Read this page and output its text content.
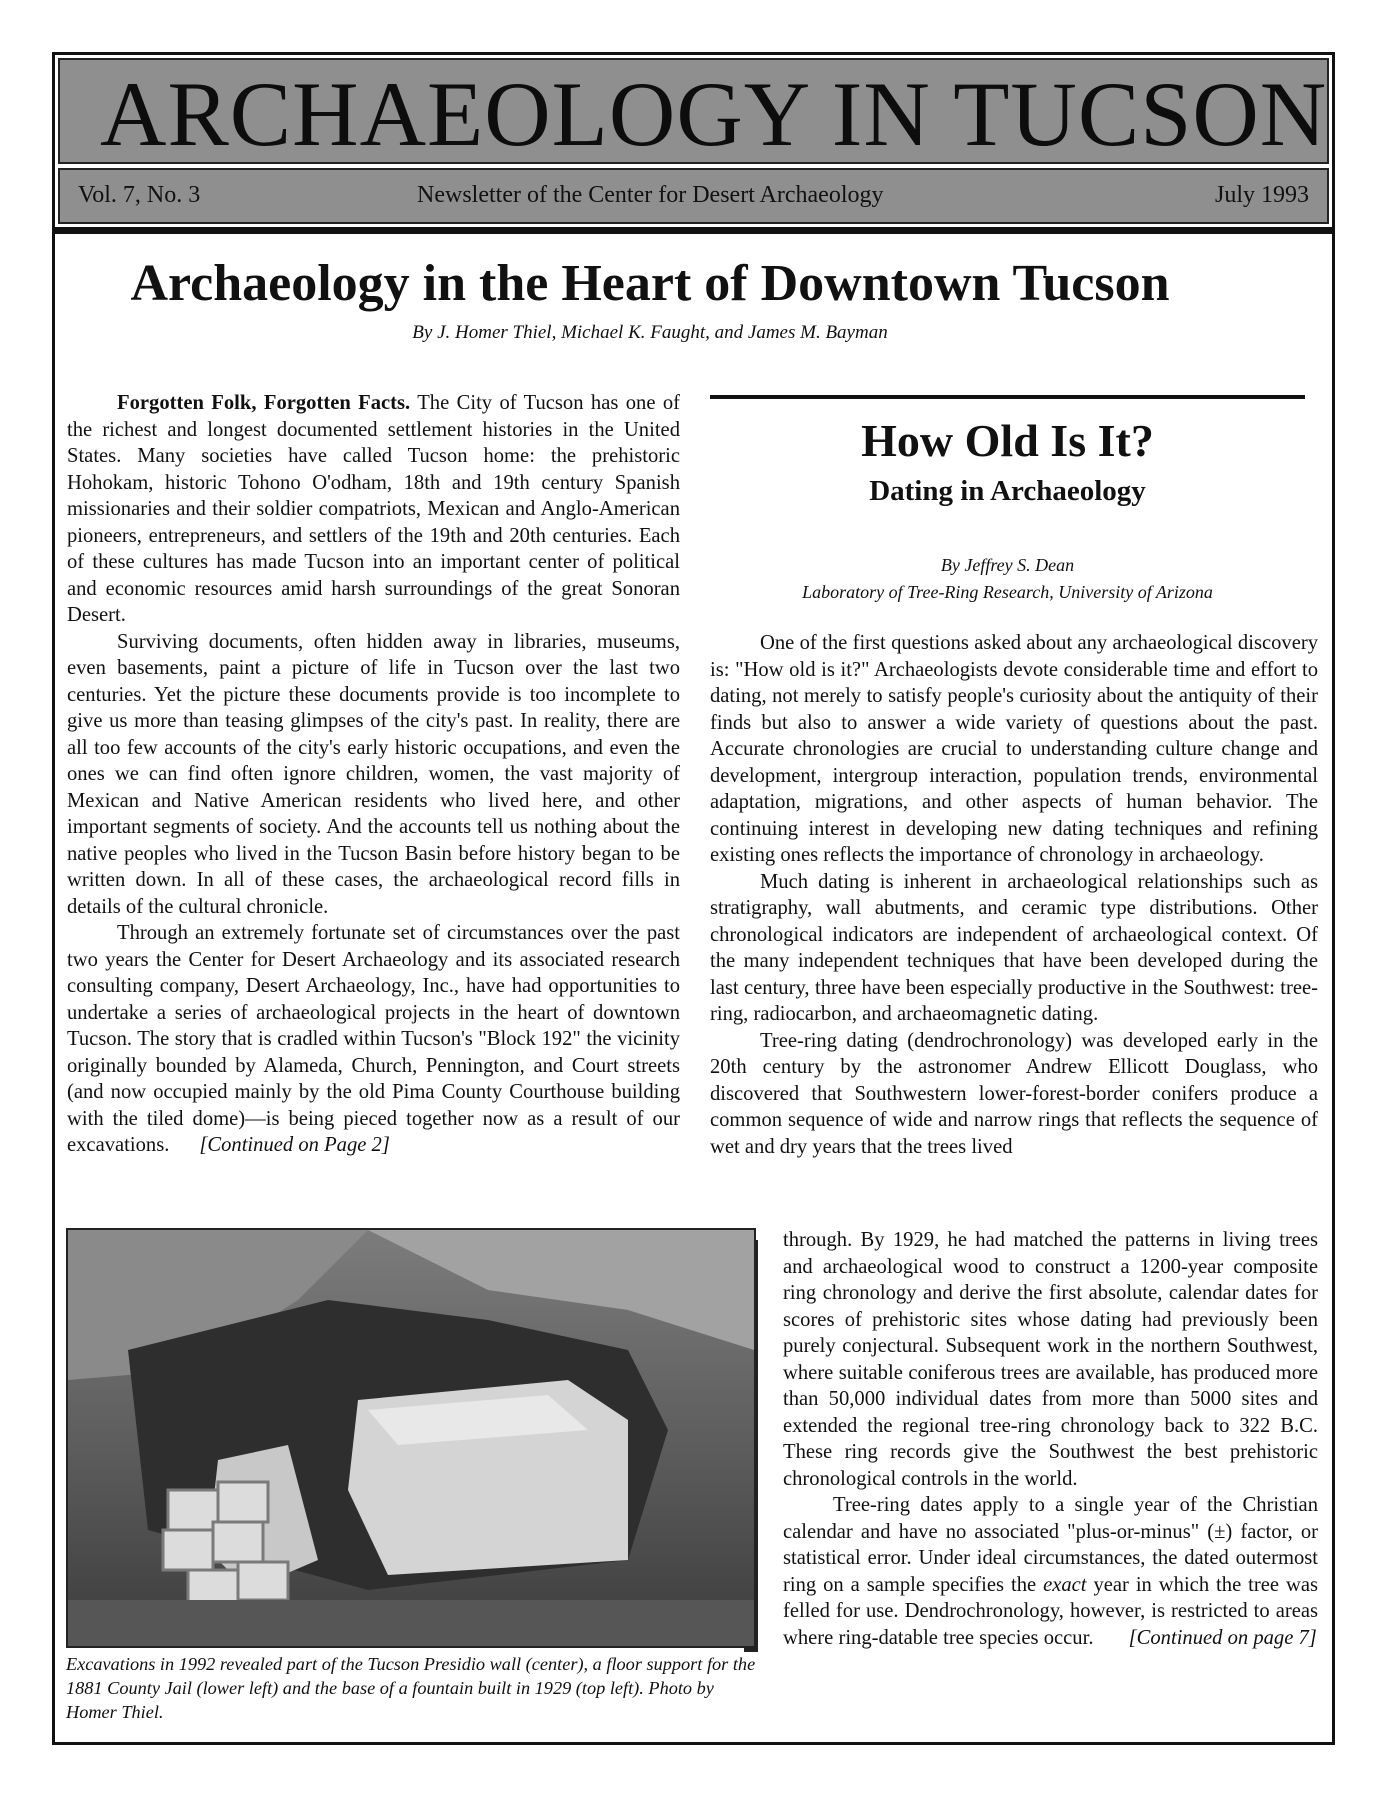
ARCHAEOLOGY IN TUCSON
Vol. 7, No. 3	Newsletter of the Center for Desert Archaeology	July 1993
Archaeology in the Heart of Downtown Tucson
By J. Homer Thiel, Michael K. Faught, and James M. Bayman

Forgotten Folk, Forgotten Facts. The City of Tucson has one of the richest and longest documented settlement histories in the United States. Many societies have called Tucson home: the prehistoric Hohokam, historic Tohono O'odham, 18th and 19th century Spanish missionaries and their soldier compatriots, Mexican and Anglo-American pioneers, entrepreneurs, and settlers of the 19th and 20th centuries. Each of these cultures has made Tucson into an important center of political and economic resources amid harsh surroundings of the great Sonoran Desert.

Surviving documents, often hidden away in libraries, museums, even basements, paint a picture of life in Tucson over the last two centuries. Yet the picture these documents provide is too incomplete to give us more than teasing glimpses of the city's past. In reality, there are all too few accounts of the city's early historic occupations, and even the ones we can find often ignore children, women, the vast majority of Mexican and Native American residents who lived here, and other important segments of society. And the accounts tell us nothing about the native peoples who lived in the Tucson Basin before history began to be written down. In all of these cases, the archaeological record fills in details of the cultural chronicle.

Through an extremely fortunate set of circumstances over the past two years the Center for Desert Archaeology and its associated research consulting company, Desert Archaeology, Inc., have had opportunities to undertake a series of archaeological projects in the heart of downtown Tucson. The story that is cradled within Tucson's "Block 192" the vicinity originally bounded by Alameda, Church, Pennington, and Court streets (and now occupied mainly by the old Pima County Courthouse building with the tiled dome)—is being pieced together now as a result of our excavations. [Continued on Page 2]

Excavations in 1992 revealed part of the Tucson Presidio wall (center), a floor support for the 1881 County Jail (lower left) and the base of a fountain built in 1929 (top left). Photo by Homer Thiel.
How Old Is It?
Dating in Archaeology
By Jeffrey S. Dean
Laboratory of Tree-Ring Research, University of Arizona

One of the first questions asked about any archaeological discovery is: "How old is it?" Archaeologists devote considerable time and effort to dating, not merely to satisfy people's curiosity about the antiquity of their finds but also to answer a wide variety of questions about the past. Accurate chronologies are crucial to understanding culture change and development, intergroup interaction, population trends, environmental adaptation, migrations, and other aspects of human behavior. The continuing interest in developing new dating techniques and refining existing ones reflects the importance of chronology in archaeology.

Much dating is inherent in archaeological relationships such as stratigraphy, wall abutments, and ceramic type distributions. Other chronological indicators are independent of archaeological context. Of the many independent techniques that have been developed during the last century, three have been especially productive in the Southwest: tree-ring, radiocarbon, and archaeomagnetic dating.

Tree-ring dating (dendrochronology) was developed early in the 20th century by the astronomer Andrew Ellicott Douglass, who discovered that Southwestern lower-forest-border conifers produce a common sequence of wide and narrow rings that reflects the sequence of wet and dry years that the trees lived

through. By 1929, he had matched the patterns in living trees and archaeological wood to construct a 1200-year composite ring chronology and derive the first absolute, calendar dates for scores of prehistoric sites whose dating had previously been purely conjectural. Subsequent work in the northern Southwest, where suitable coniferous trees are available, has produced more than 50,000 individual dates from more than 5000 sites and extended the regional tree-ring chronology back to 322 B.C. These ring records give the Southwest the best prehistoric chronological controls in the world.

Tree-ring dates apply to a single year of the Christian calendar and have no associated "plus-or-minus" (±) factor, or statistical error. Under ideal circumstances, the dated outermost ring on a sample specifies the exact year in which the tree was felled for use. Dendrochronology, however, is restricted to areas where ring-datable tree species occur. [Continued on page 7]
